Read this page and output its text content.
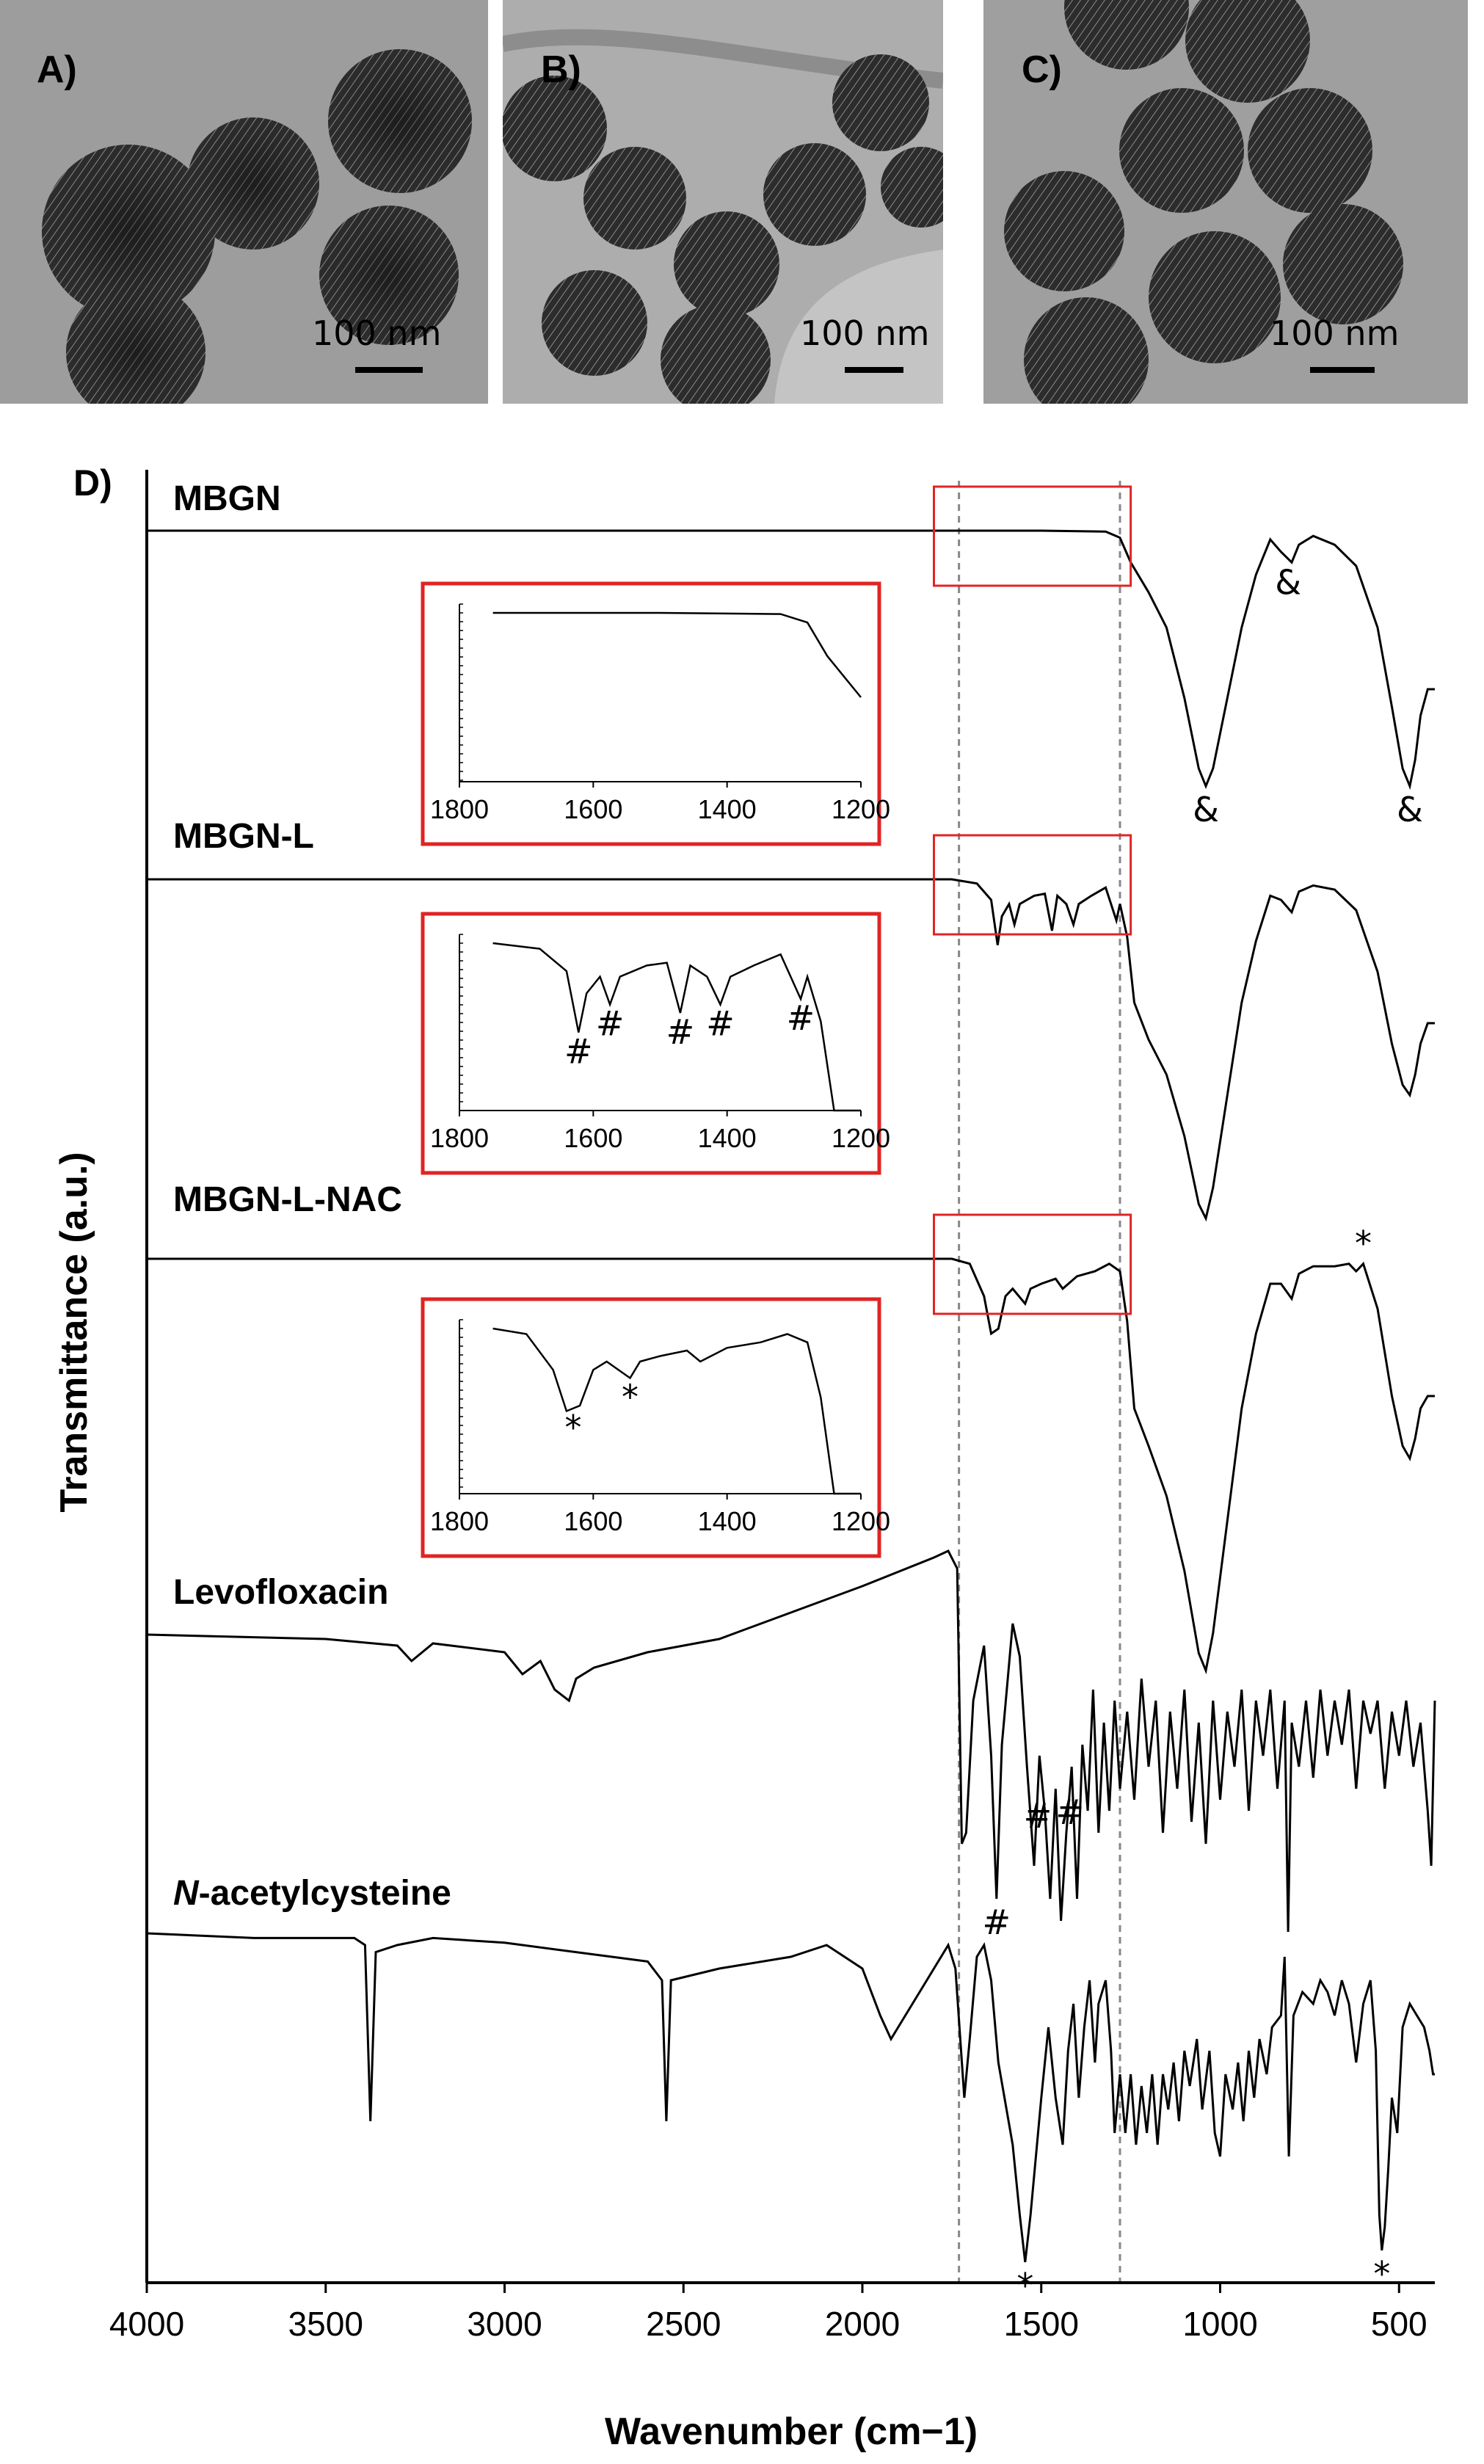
A)
100 nm
B)
100 nm
C)
100 nm
D) MBGN
&
&
&
MBGN-L
MBGN-L-NAC
*
Levofloxacin
#
# #
N-acetylcysteine
*	*
4000	3500	3000	2500	2000	1500	1000	500
1800	1600	1400	1200
1800	1600	1400	1200
#
# # # #
1800	1600	1400	1200
*
*
Wavenumber (cm−1)
Transmittance (a.u.)
